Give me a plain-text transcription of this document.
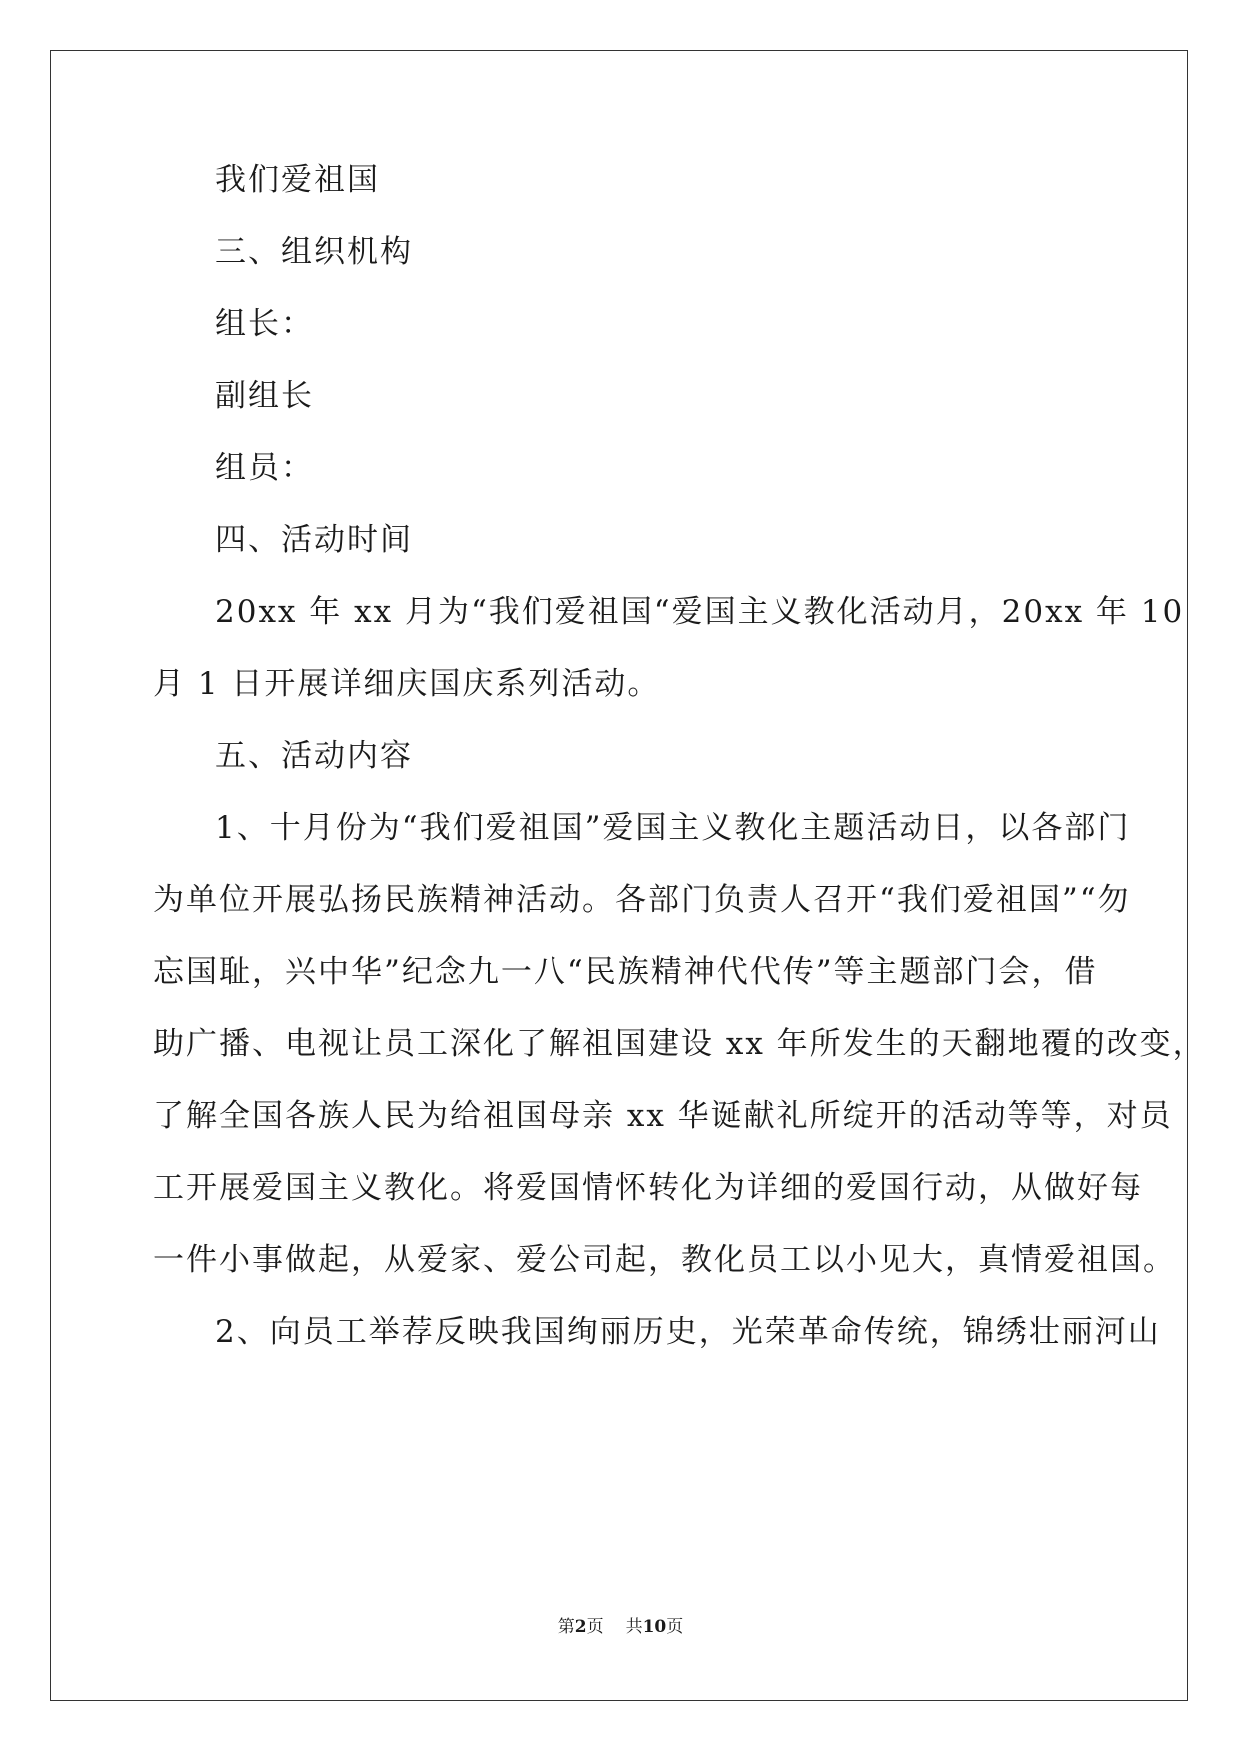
我们爱祖国
三、组织机构
组长：
副组长
组员：
四、活动时间
20xx 年 xx 月为“我们爱祖国“爱国主义教化活动月，20xx 年 10
月 1 日开展详细庆国庆系列活动。
五、活动内容
1、十月份为“我们爱祖国”爱国主义教化主题活动日，以各部门
为单位开展弘扬民族精神活动。各部门负责人召开“我们爱祖国”“勿
忘国耻，兴中华”纪念九一八“民族精神代代传”等主题部门会，借
助广播、电视让员工深化了解祖国建设 xx 年所发生的天翻地覆的改变，
了解全国各族人民为给祖国母亲 xx 华诞献礼所绽开的活动等等，对员
工开展爱国主义教化。将爱国情怀转化为详细的爱国行动，从做好每
一件小事做起，从爱家、爱公司起，教化员工以小见大，真情爱祖国。
2、向员工举荐反映我国绚丽历史，光荣革命传统，锦绣壮丽河山
第2页 共10页
